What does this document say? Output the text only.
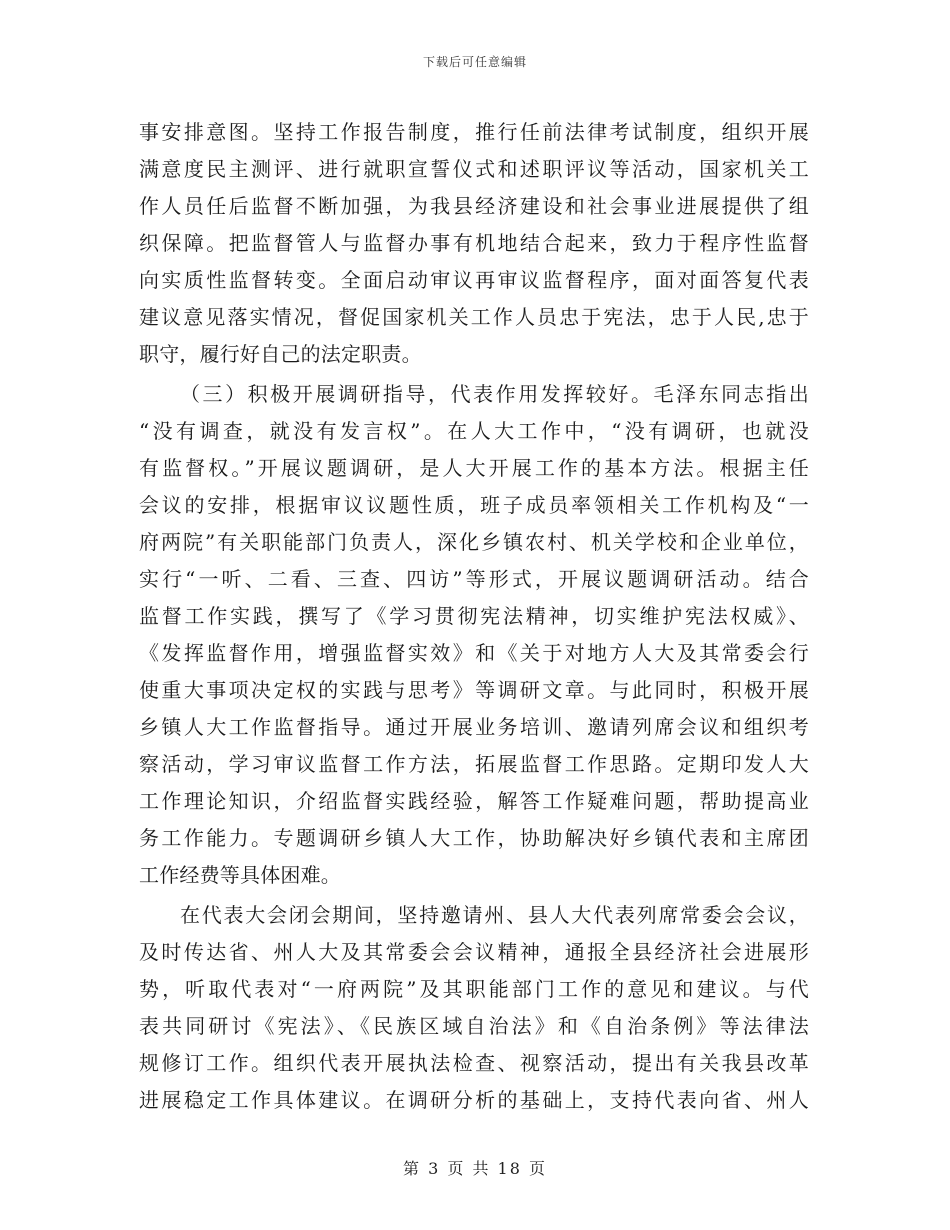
下载后可任意编辑
事安排意图。坚持工作报告制度，推行任前法律考试制度，组织开展
满意度民主测评、进行就职宣誓仪式和述职评议等活动，国家机关工
作人员任后监督不断加强，为我县经济建设和社会事业进展提供了组
织保障。把监督管人与监督办事有机地结合起来，致力于程序性监督
向实质性监督转变。全面启动审议再审议监督程序，面对面答复代表
建议意见落实情况，督促国家机关工作人员忠于宪法，忠于人民,忠于
职守，履行好自己的法定职责。
（三）积极开展调研指导，代表作用发挥较好。毛泽东同志指出
“没有调查，就没有发言权”。在人大工作中，“没有调研，也就没
有监督权。”开展议题调研，是人大开展工作的基本方法。根据主任
会议的安排，根据审议议题性质，班子成员率领相关工作机构及“一
府两院”有关职能部门负责人，深化乡镇农村、机关学校和企业单位，
实行“一听、二看、三查、四访”等形式，开展议题调研活动。结合
监督工作实践，撰写了《学习贯彻宪法精神，切实维护宪法权威》、
《发挥监督作用，增强监督实效》和《关于对地方人大及其常委会行
使重大事项决定权的实践与思考》等调研文章。与此同时，积极开展
乡镇人大工作监督指导。通过开展业务培训、邀请列席会议和组织考
察活动，学习审议监督工作方法，拓展监督工作思路。定期印发人大
工作理论知识，介绍监督实践经验，解答工作疑难问题，帮助提高业
务工作能力。专题调研乡镇人大工作，协助解决好乡镇代表和主席团
工作经费等具体困难。
在代表大会闭会期间，坚持邀请州、县人大代表列席常委会会议，
及时传达省、州人大及其常委会会议精神，通报全县经济社会进展形
势，听取代表对“一府两院”及其职能部门工作的意见和建议。与代
表共同研讨《宪法》、《民族区域自治法》和《自治条例》等法律法
规修订工作。组织代表开展执法检查、视察活动，提出有关我县改革
进展稳定工作具体建议。在调研分析的基础上，支持代表向省、州人
第 3 页 共 18 页
